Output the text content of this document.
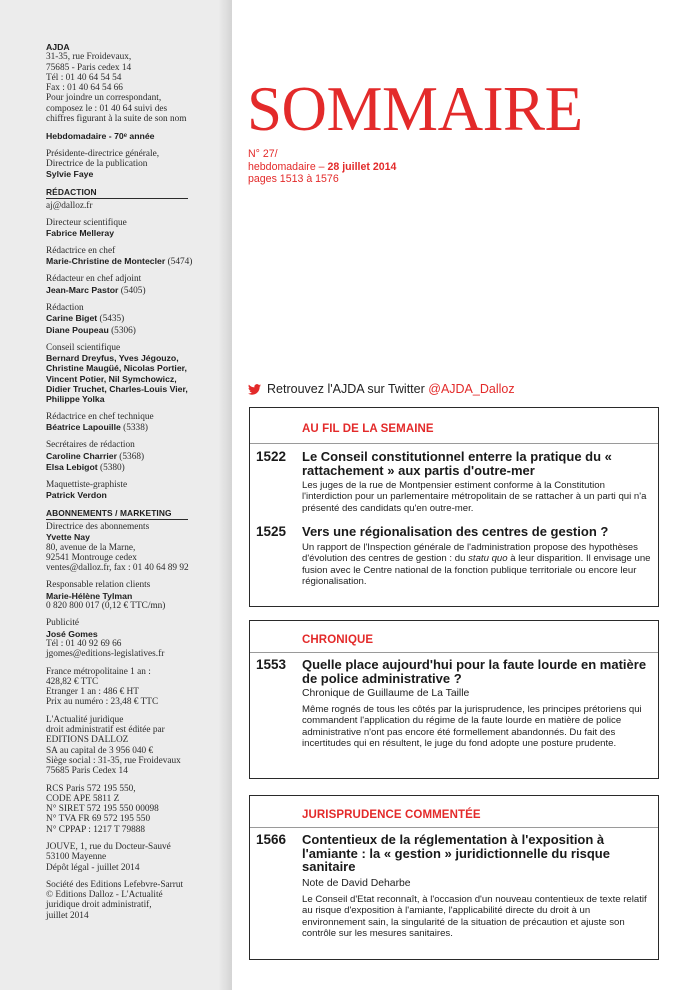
AJDA
31-35, rue Froidevaux,
75685 - Paris cedex 14
Tél : 01 40 64 54 54
Fax : 01 40 64 54 66
Pour joindre un correspondant,
composez le : 01 40 64 suivi des
chiffres figurant à la suite de son nom
Hebdomadaire - 70ᵉ année
Présidente-directrice générale,
Directrice de la publication
Sylvie Faye
RÉDACTION
aj@dalloz.fr
Directeur scientifique
Fabrice Melleray
Rédactrice en chef
Marie-Christine de Montecler (5474)
Rédacteur en chef adjoint
Jean-Marc Pastor (5405)
Rédaction
Carine Biget (5435)
Diane Poupeau (5306)
Conseil scientifique
Bernard Dreyfus, Yves Jégouzo,
Christine Maugüé, Nicolas Portier,
Vincent Potier, Nil Symchowicz,
Didier Truchet, Charles-Louis Vier,
Philippe Yolka
Rédactrice en chef technique
Béatrice Lapouille (5338)
Secrétaires de rédaction
Caroline Charrier (5368)
Elsa Lebigot (5380)
Maquettiste-graphiste
Patrick Verdon
ABONNEMENTS / MARKETING
Directrice des abonnements
Yvette Nay
80, avenue de la Marne,
92541 Montrouge cedex
ventes@dalloz.fr, fax : 01 40 64 89 92
Responsable relation clients
Marie-Hélène Tylman
0 820 800 017 (0,12 € TTC/mn)
Publicité
José Gomes
Tél : 01 40 92 69 66
jgomes@editions-legislatives.fr
France métropolitaine 1 an :
428,82 € TTC
Etranger 1 an : 486 € HT
Prix au numéro : 23,48 € TTC
L'Actualité juridique
droit administratif est éditée par
EDITIONS DALLOZ
SA au capital de 3 956 040 €
Siège social : 31-35, rue Froidevaux
75685 Paris Cedex 14
RCS Paris 572 195 550,
CODE APE 5811 Z
N° SIRET 572 195 550 00098
N° TVA FR 69 572 195 550
N° CPPAP : 1217 T 79888
JOUVE, 1, rue du Docteur-Sauvé
53100 Mayenne
Dépôt légal - juillet 2014
Société des Editions Lefebvre-Sarrut
© Editions Dalloz - L'Actualité
juridique droit administratif,
juillet 2014
SOMMAIRE
N° 27/
hebdomadaire – 28 juillet 2014
pages 1513 à 1576
Retrouvez l'AJDA sur Twitter @AJDA_Dalloz
AU FIL DE LA SEMAINE
1522 Le Conseil constitutionnel enterre la pratique du « rattachement » aux partis d'outre-mer

Les juges de la rue de Montpensier estiment conforme à la Constitution l'interdiction pour un parlementaire métropolitain de se rattacher à un parti qui n'a présenté des candidats qu'en outre-mer.

1525 Vers une régionalisation des centres de gestion ?

Un rapport de l'Inspection générale de l'administration propose des hypothèses d'évolution des centres de gestion : du statu quo à leur disparition. Il envisage une fusion avec le Centre national de la fonction publique territoriale ou encore leur régionalisation.

CHRONIQUE
1553 Quelle place aujourd'hui pour la faute lourde en matière de police administrative ?
Chronique de Guillaume de La Taille

Même rognés de tous les côtés par la jurisprudence, les principes prétoriens qui commandent l'application du régime de la faute lourde en matière de police administrative n'ont pas encore été formellement abandonnés. Du fait des incertitudes qui en résultent, le juge du fond adopte une posture prudente.

JURISPRUDENCE COMMENTÉE
1566 Contentieux de la réglementation à l'exposition à l'amiante : la « gestion » juridictionnelle du risque sanitaire
Note de David Deharbe

Le Conseil d'Etat reconnaît, à l'occasion d'un nouveau contentieux de texte relatif au risque d'exposition à l'amiante, l'applicabilité directe du droit à un environnement sain, la singularité de la situation de précaution et ajuste son contrôle sur les mesures sanitaires.
